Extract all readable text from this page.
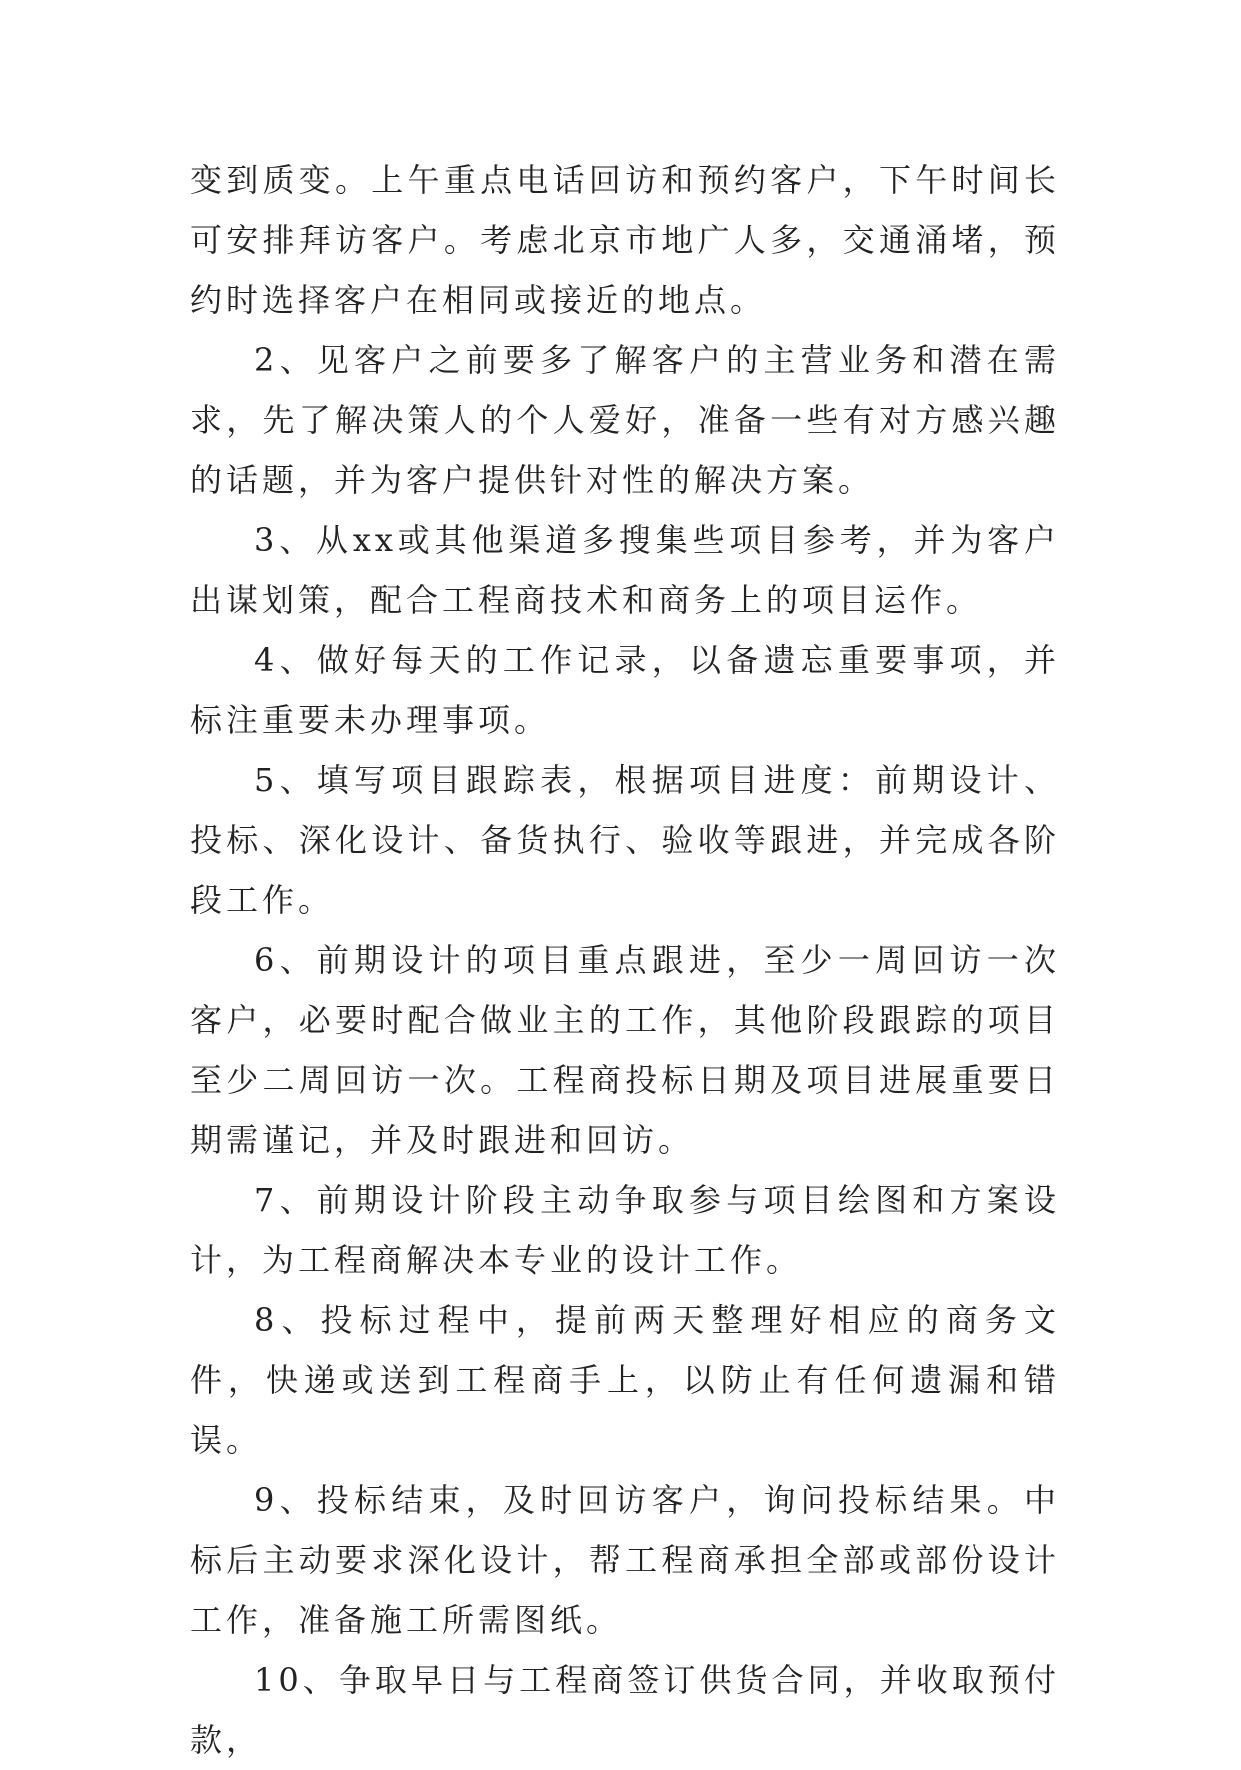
变到质变。上午重点电话回访和预约客户，下午时间长可安排拜访客户。考虑北京市地广人多，交通涌堵，预约时选择客户在相同或接近的地点。

2、见客户之前要多了解客户的主营业务和潜在需求，先了解决策人的个人爱好，准备一些有对方感兴趣的话题，并为客户提供针对性的解决方案。

3、从xx或其他渠道多搜集些项目参考，并为客户出谋划策，配合工程商技术和商务上的项目运作。

4、做好每天的工作记录，以备遗忘重要事项，并标注重要未办理事项。

5、填写项目跟踪表，根据项目进度：前期设计、投标、深化设计、备货执行、验收等跟进，并完成各阶段工作。

6、前期设计的项目重点跟进，至少一周回访一次客户，必要时配合做业主的工作，其他阶段跟踪的项目至少二周回访一次。工程商投标日期及项目进展重要日期需谨记，并及时跟进和回访。

7、前期设计阶段主动争取参与项目绘图和方案设计，为工程商解决本专业的设计工作。

8、投标过程中，提前两天整理好相应的商务文件，快递或送到工程商手上，以防止有任何遗漏和错误。

9、投标结束，及时回访客户，询问投标结果。中标后主动要求深化设计，帮工程商承担全部或部份设计工作，准备施工所需图纸。

10、争取早日与工程商签订供货合同，并收取预付款，
